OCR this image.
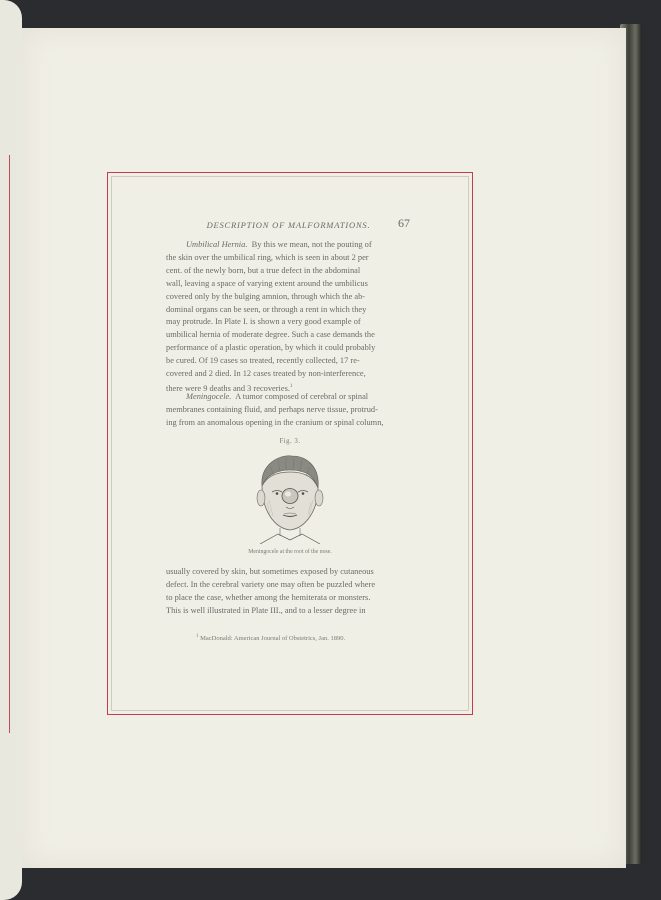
DESCRIPTION OF MALFORMATIONS.	67
Umbilical Hernia. By this we mean, not the pouting of
the skin over the umbilical ring, which is seen in about 2 per
cent. of the newly born, but a true defect in the abdominal
wall, leaving a space of varying extent around the umbilicus
covered only by the bulging amnion, through which the ab-
dominal organs can be seen, or through a rent in which they
may protrude. In Plate I. is shown a very good example of
umbilical hernia of moderate degree. Such a case demands the
performance of a plastic operation, by which it could probably
be cured. Of 19 cases so treated, recently collected, 17 re-
covered and 2 died. In 12 cases treated by non-interference,
there were 9 deaths and 3 recoveries.$^1$
Meningocele. A tumor composed of cerebral or spinal
membranes containing fluid, and perhaps nerve tissue, protrud-
ing from an anomalous opening in the cranium or spinal column,
Fig. 3.
Meningocele at the root of the nose.
usually covered by skin, but sometimes exposed by cutaneous
defect. In the cerebral variety one may often be puzzled where
to place the case, whether among the hemiterata or monsters.
This is well illustrated in Plate III., and to a lesser degree in
$^1$ MacDonald: American Journal of Obstetrics, Jan. 1890.
